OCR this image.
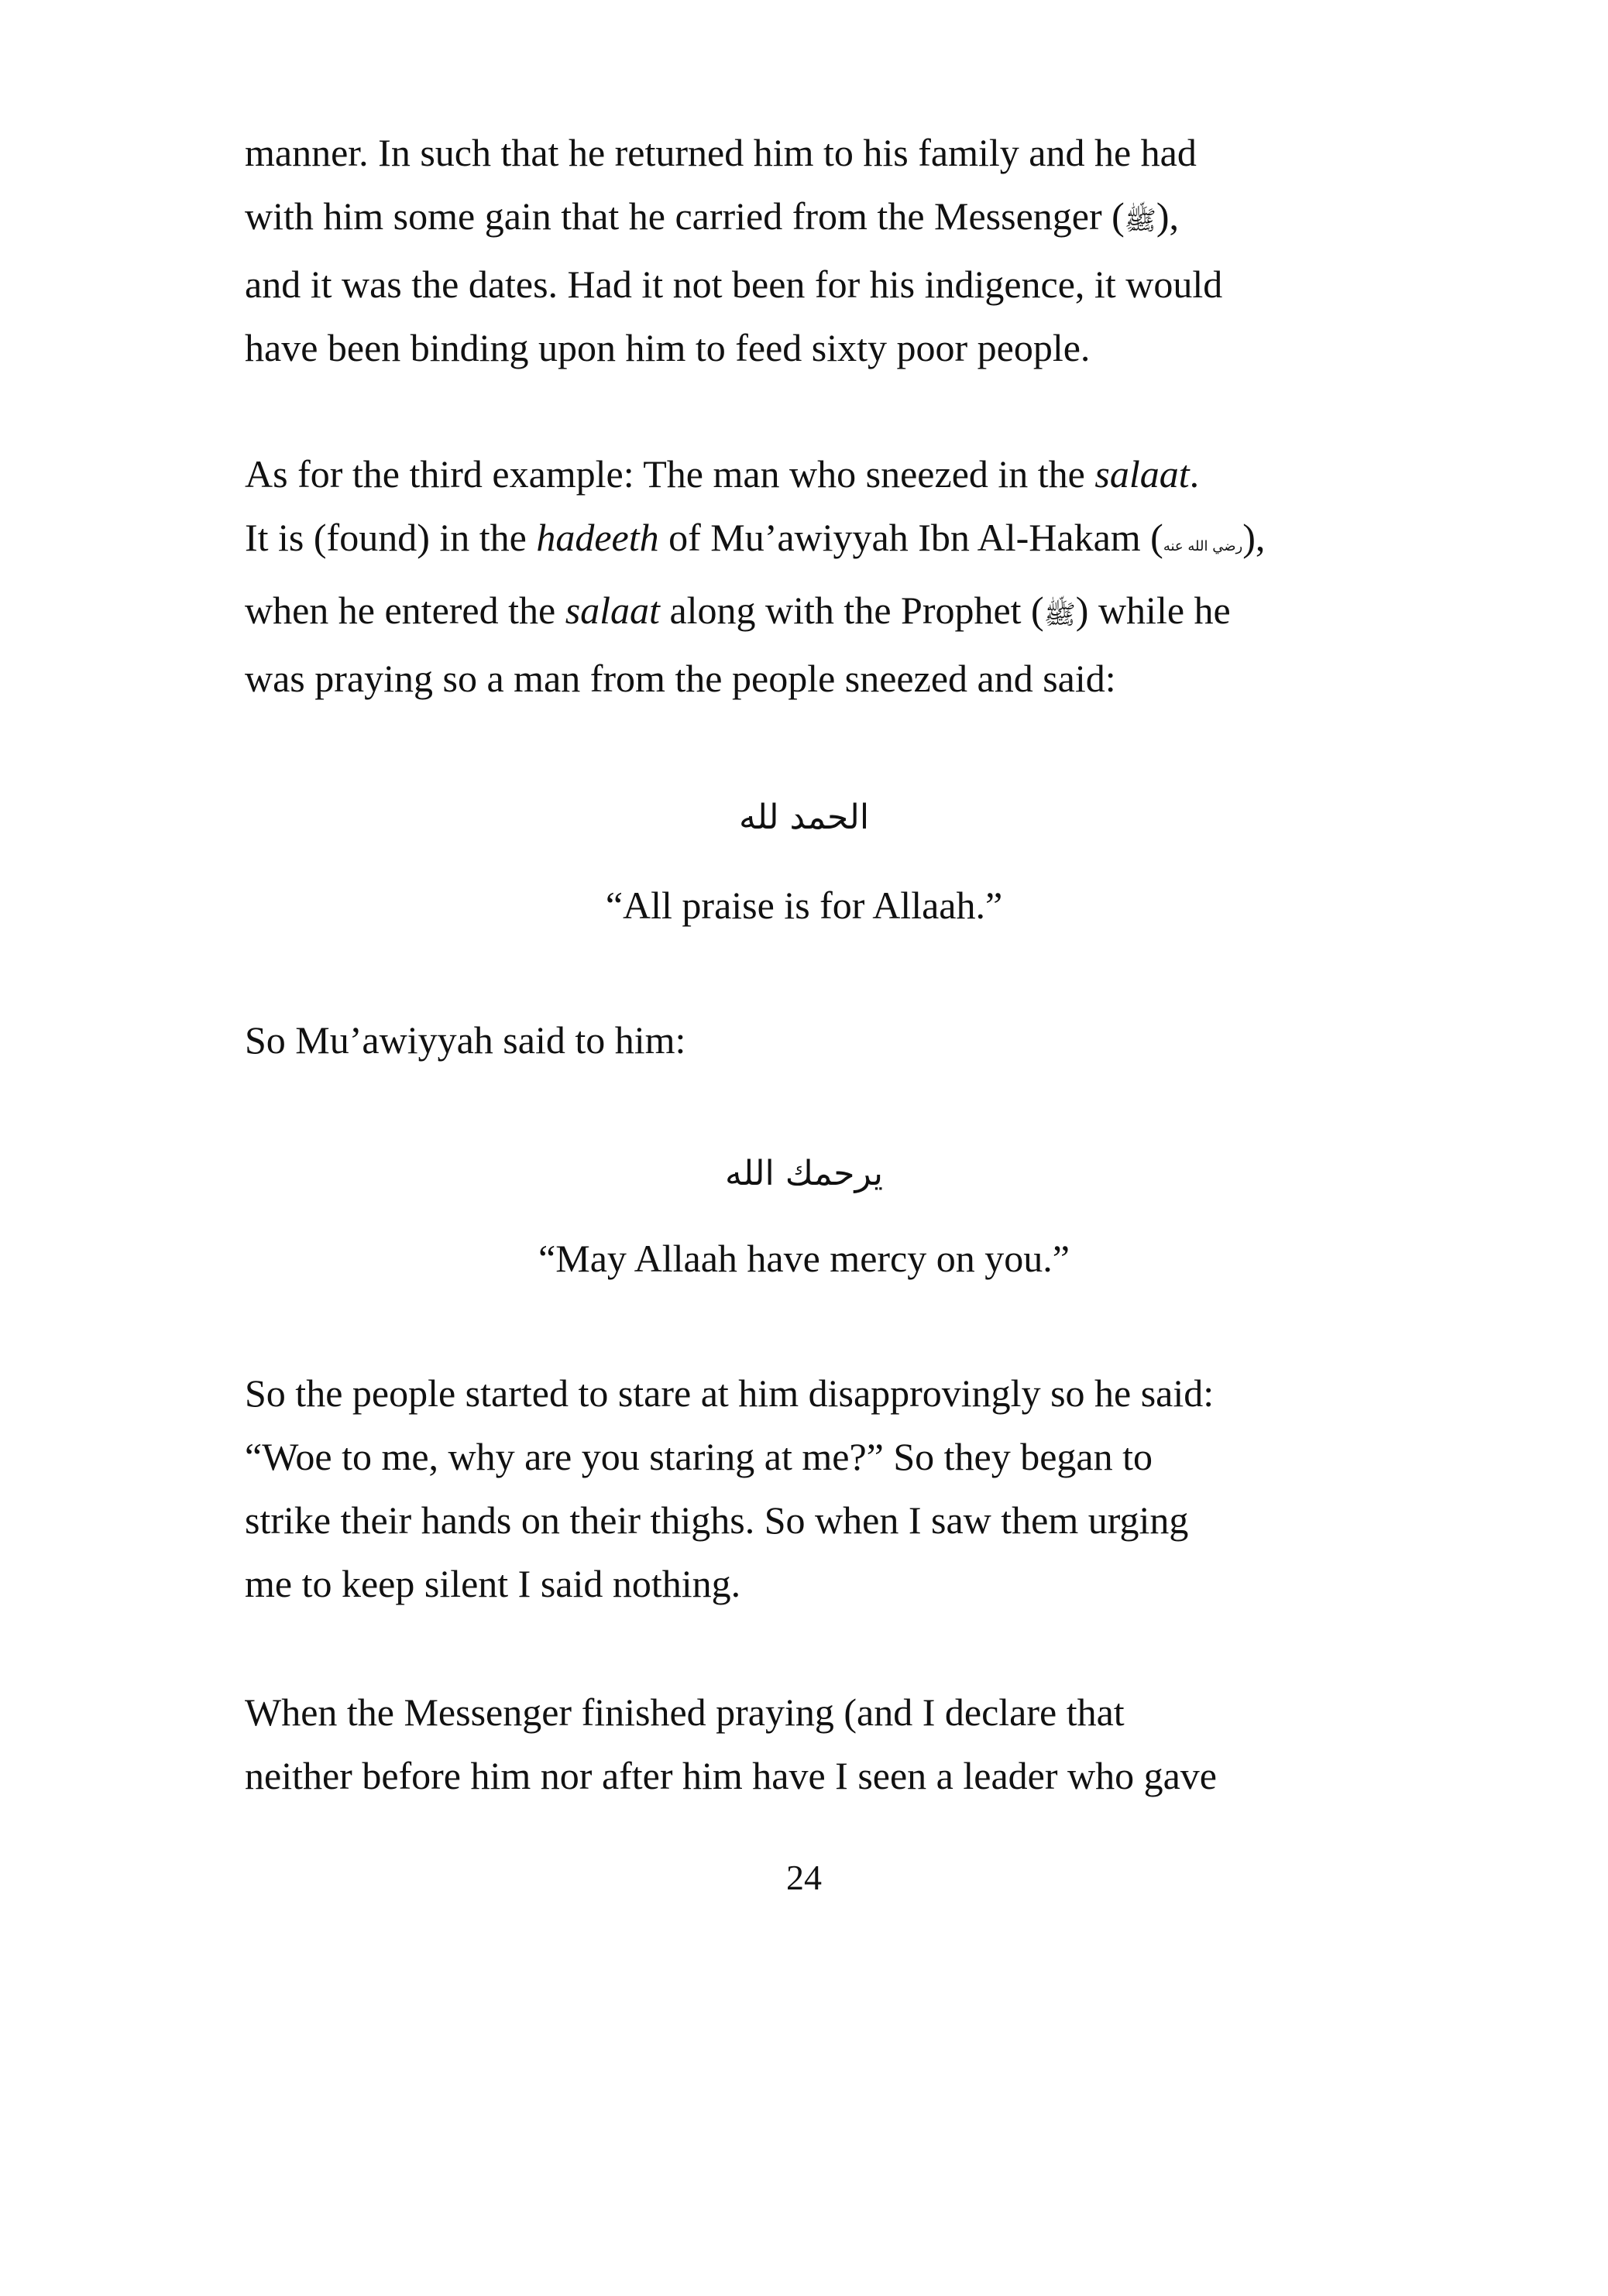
manner. In such that he returned him to his family and he had
with him some gain that he carried from the Messenger (ﷺ),
and it was the dates. Had it not been for his indigence, it would
have been binding upon him to feed sixty poor people.

As for the third example: The man who sneezed in the salaat.
It is (found) in the hadeeth of Mu’awiyyah Ibn Al-Hakam (رضي الله عنه),
when he entered the salaat along with the Prophet (ﷺ) while he
was praying so a man from the people sneezed and said:

الحمد لله

“All praise is for Allaah.”

So Mu’awiyyah said to him:

يرحمك الله

“May Allaah have mercy on you.”

So the people started to stare at him disapprovingly so he said:
“Woe to me, why are you staring at me?” So they began to
strike their hands on their thighs. So when I saw them urging
me to keep silent I said nothing.

When the Messenger finished praying (and I declare that
neither before him nor after him have I seen a leader who gave

24
